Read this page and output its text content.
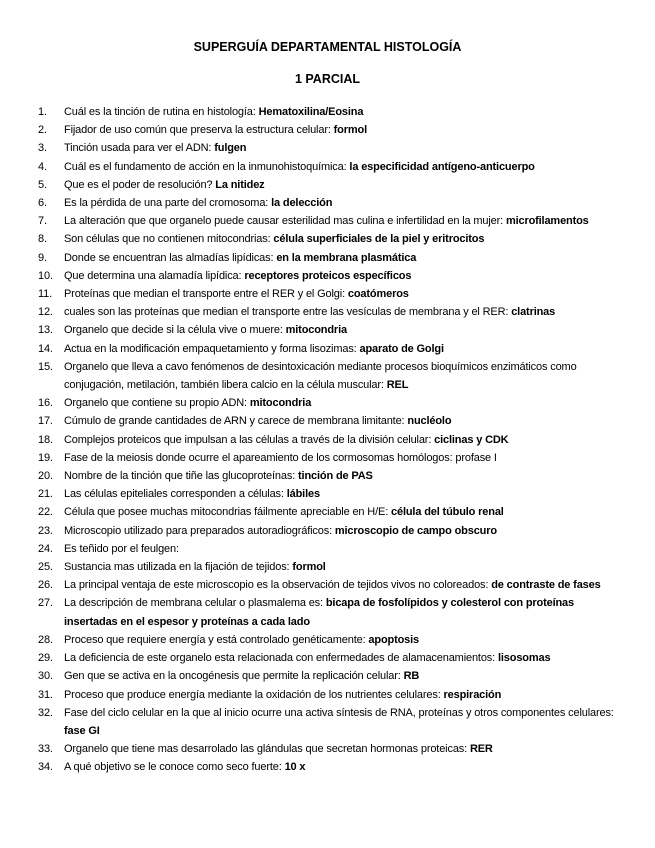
SUPERGUÍA DEPARTAMENTAL HISTOLOGÍA
1 PARCIAL
1.	Cuál es la tinción de rutina en histología: Hematoxilina/Eosina
2.	Fijador de uso común que preserva la estructura celular: formol
3.	Tinción usada para ver el ADN: fulgen
4.	Cuál es el fundamento de acción en la inmunohistoquímica: la especificidad antígeno-anticuerpo
5.	Que es el poder de resolución? La nitidez
6.	Es la pérdida de una parte del cromosoma: la delección
7.	La alteración que que organelo puede causar esterilidad mas culina e infertilidad en la mujer: microfilamentos
8.	Son células que no contienen mitocondrias: célula superficiales de la piel y eritrocitos
9.	Donde se encuentran las almadías lipídicas: en la membrana plasmática
10.	Que determina una alamadía lipídica: receptores proteicos específicos
11.	Proteínas que median el transporte entre el RER y el Golgi: coatómeros
12.	cuales son las proteínas que median el transporte entre las vesículas de membrana y el RER: clatrinas
13.	Organelo que decide si la célula vive o muere: mitocondria
14.	Actua en la modificación empaquetamiento y forma lisozimas: aparato de Golgi
15.	Organelo que lleva a cavo fenómenos de desintoxicación mediante procesos bioquímicos enzimáticos como conjugación, metilación, también libera calcio en la célula muscular: REL
16.	Organelo que contiene su propio ADN: mitocondria
17.	Cúmulo de grande cantidades de ARN y carece de membrana limitante: nucléolo
18.	Complejos proteicos que impulsan a las células a través de la división celular: ciclinas y CDK
19.	Fase de la meiosis donde ocurre el apareamiento de los cormosomas homólogos: profase I
20.	Nombre de la tinción que tiñe las glucoproteínas: tinción de PAS
21.	Las células epiteliales corresponden a células: lábiles
22.	Célula que posee muchas mitocondrias fáilmente apreciable en H/E: célula del túbulo renal
23.	Microscopio utilizado para preparados autoradiográficos: microscopio de campo obscuro
24.	Es teñido por el feulgen:
25.	Sustancia mas utilizada en la fijación de tejidos: formol
26.	La principal ventaja de este microscopio es la observación de tejidos vivos no coloreados: de contraste de fases
27.	La descripción de membrana celular o plasmalema es: bicapa de fosfolípidos y colesterol con proteínas insertadas en el espesor y proteínas a cada lado
28.	Proceso que requiere energía y está controlado genéticamente: apoptosis
29.	La deficiencia de este organelo esta relacionada con enfermedades de alamacenamientos: lisosomas
30.	Gen que se activa en la oncogénesis que permite la replicación celular: RB
31.	Proceso que produce energía mediante la oxidación de los nutrientes celulares: respiración
32.	Fase del ciclo celular en la que al inicio ocurre una activa síntesis de RNA, proteínas y otros componentes celulares: fase GI
33.	Organelo que tiene mas desarrolado las glándulas que secretan hormonas proteicas: RER
34.	A qué objetivo se le conoce como seco fuerte: 10 x
